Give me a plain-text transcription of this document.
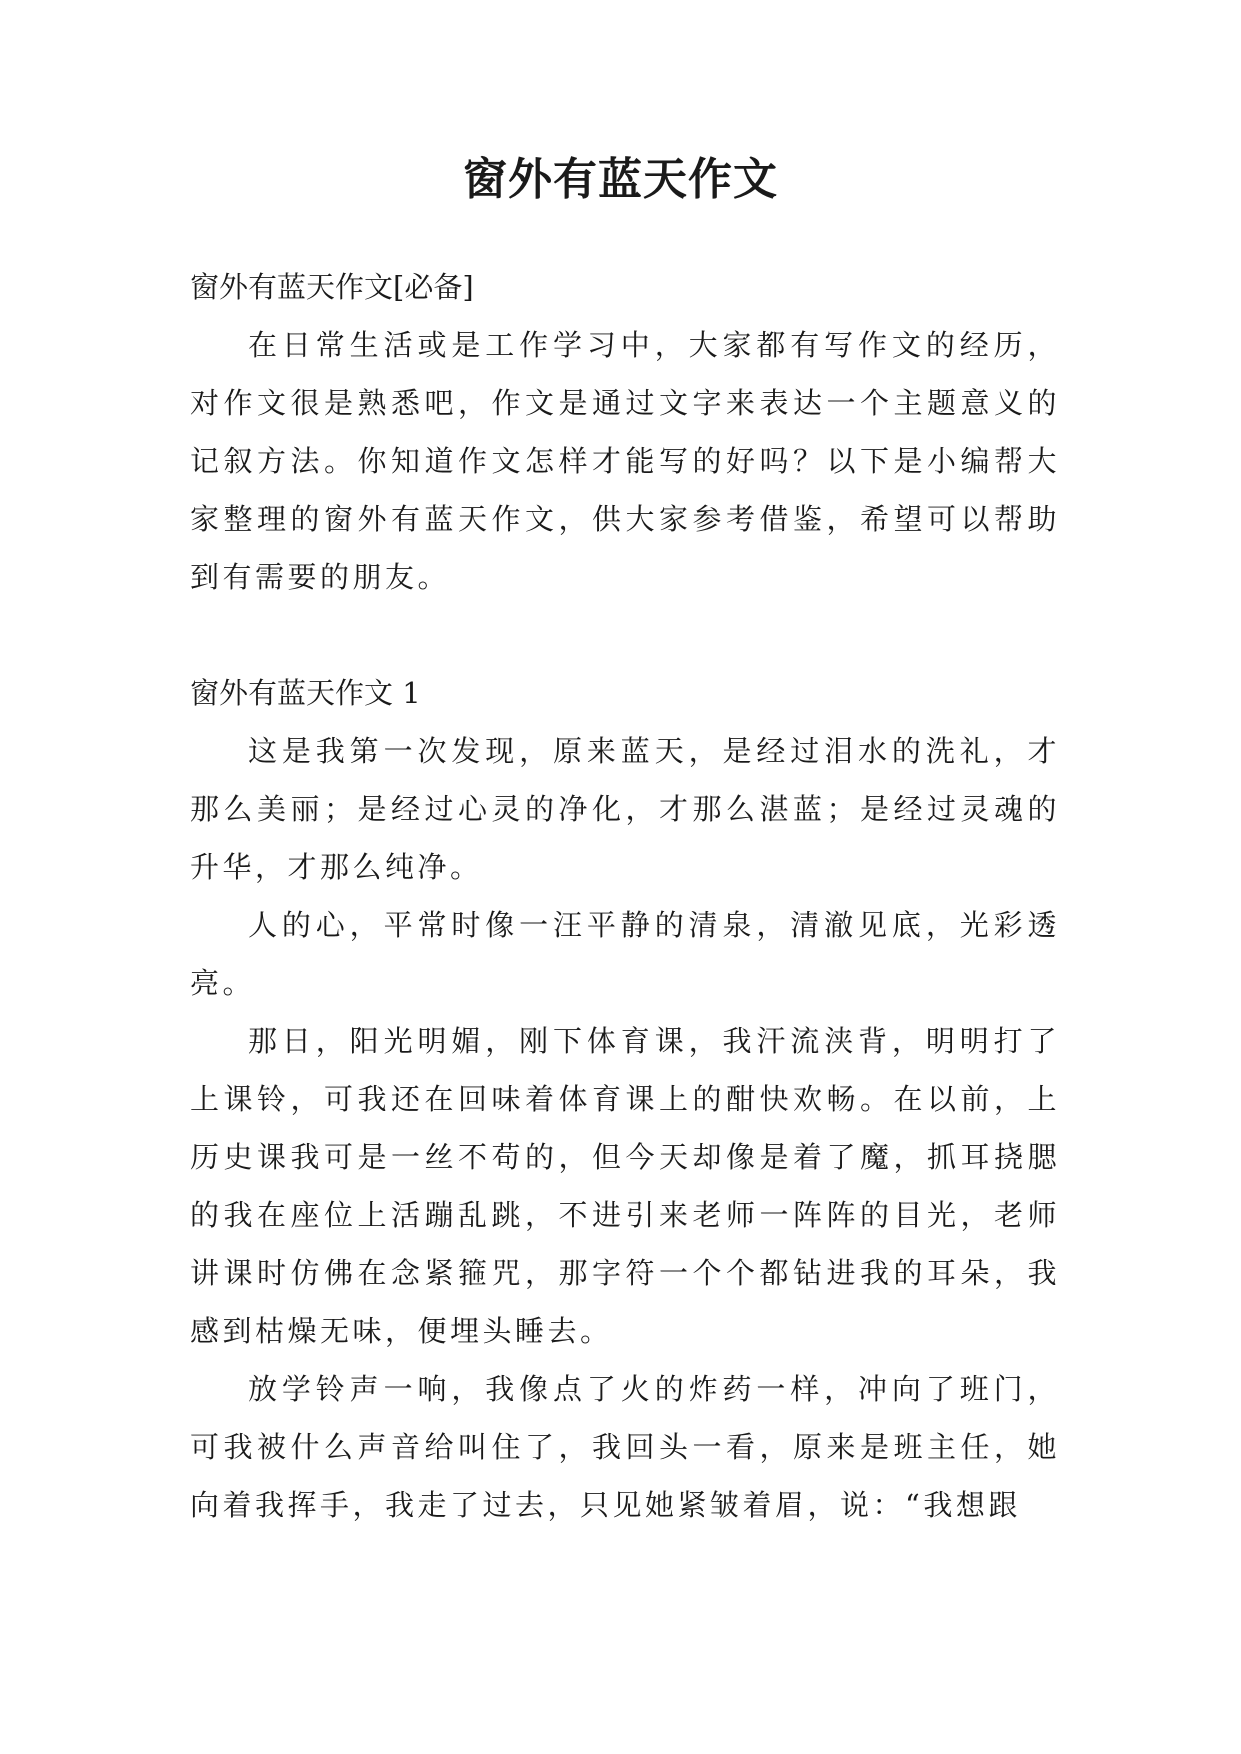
窗外有蓝天作文

窗外有蓝天作文[必备]

在日常生活或是工作学习中，大家都有写作文的经历，对作文很是熟悉吧，作文是通过文字来表达一个主题意义的记叙方法。你知道作文怎样才能写的好吗？以下是小编帮大家整理的窗外有蓝天作文，供大家参考借鉴，希望可以帮助到有需要的朋友。

窗外有蓝天作文 1

这是我第一次发现，原来蓝天，是经过泪水的洗礼，才那么美丽；是经过心灵的净化，才那么湛蓝；是经过灵魂的升华，才那么纯净。

人的心，平常时像一汪平静的清泉，清澈见底，光彩透亮。

那日，阳光明媚，刚下体育课，我汗流浃背，明明打了上课铃，可我还在回味着体育课上的酣快欢畅。在以前，上历史课我可是一丝不苟的，但今天却像是着了魔，抓耳挠腮的我在座位上活蹦乱跳，不进引来老师一阵阵的目光，老师讲课时仿佛在念紧箍咒，那字符一个个都钻进我的耳朵，我感到枯燥无味，便埋头睡去。

放学铃声一响，我像点了火的炸药一样，冲向了班门，可我被什么声音给叫住了，我回头一看，原来是班主任，她向着我挥手，我走了过去，只见她紧皱着眉，说：“我想跟
